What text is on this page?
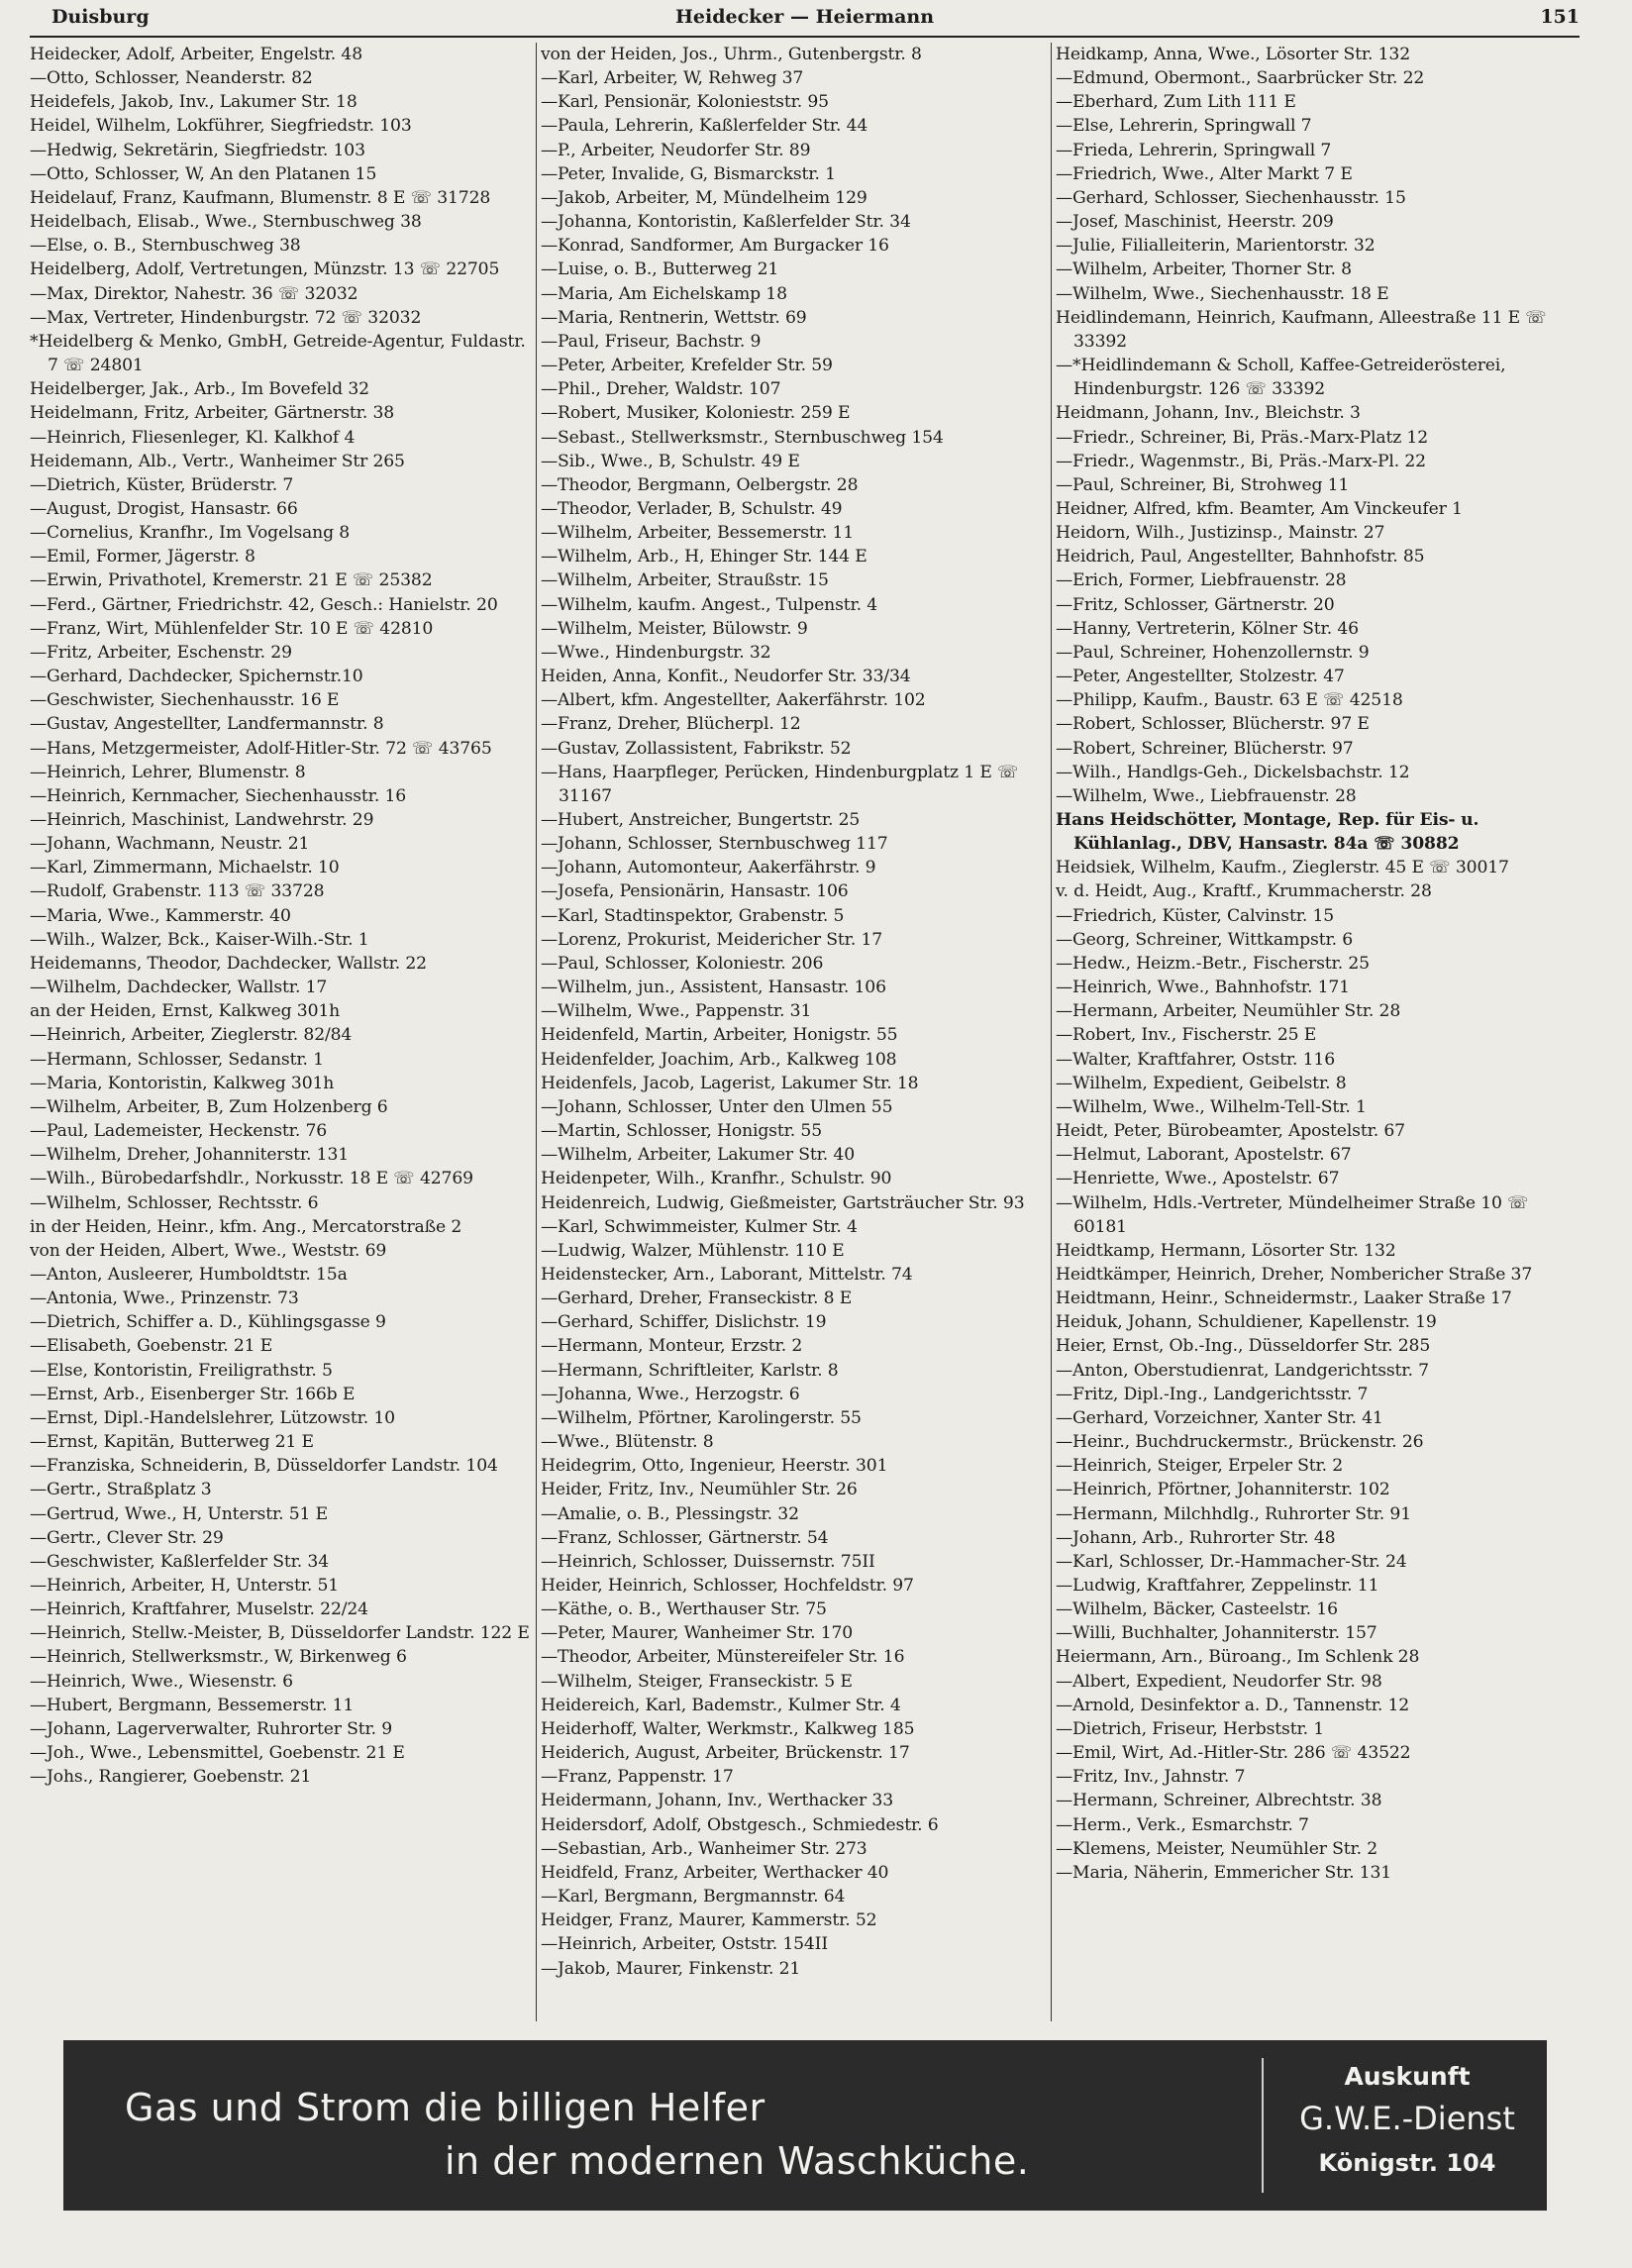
Duisburg	Heidecker — Heiermann	151

Heidecker, Adolf, Arbeiter, Engelstr. 48

—Otto, Schlosser, Neanderstr. 82

Heidefels, Jakob, Inv., Lakumer Str. 18

Heidel, Wilhelm, Lokführer, Siegfriedstr. 103

—Hedwig, Sekretärin, Siegfriedstr. 103

—Otto, Schlosser, W, An den Platanen 15

Heidelauf, Franz, Kaufmann, Blumenstr. 8 E ☏ 31728

Heidelbach, Elisab., Wwe., Sternbuschweg 38

—Else, o. B., Sternbuschweg 38

Heidelberg, Adolf, Vertretungen, Münzstr. 13 ☏ 22705

—Max, Direktor, Nahestr. 36 ☏ 32032

—Max, Vertreter, Hindenburgstr. 72 ☏ 32032

*Heidelberg & Menko, GmbH, Getreide-Agentur, Fuldastr. 7 ☏ 24801

Heidelberger, Jak., Arb., Im Bovefeld 32

Heidelmann, Fritz, Arbeiter, Gärtnerstr. 38

—Heinrich, Fliesenleger, Kl. Kalkhof 4

Heidemann, Alb., Vertr., Wanheimer Str 265

—Dietrich, Küster, Brüderstr. 7

—August, Drogist, Hansastr. 66

—Cornelius, Kranfhr., Im Vogelsang 8

—Emil, Former, Jägerstr. 8

—Erwin, Privathotel, Kremerstr. 21 E ☏ 25382

—Ferd., Gärtner, Friedrichstr. 42, Gesch.: Hanielstr. 20

—Franz, Wirt, Mühlenfelder Str. 10 E ☏ 42810

—Fritz, Arbeiter, Eschenstr. 29

—Gerhard, Dachdecker, Spichernstr.10

—Geschwister, Siechenhausstr. 16 E

—Gustav, Angestellter, Landfermannstr. 8

—Hans, Metzgermeister, Adolf-Hitler-Str. 72 ☏ 43765

—Heinrich, Lehrer, Blumenstr. 8

—Heinrich, Kernmacher, Siechenhausstr. 16

—Heinrich, Maschinist, Landwehrstr. 29

—Johann, Wachmann, Neustr. 21

—Karl, Zimmermann, Michaelstr. 10

—Rudolf, Grabenstr. 113 ☏ 33728

—Maria, Wwe., Kammerstr. 40

—Wilh., Walzer, Bck., Kaiser-Wilh.-Str. 1

Heidemanns, Theodor, Dachdecker, Wallstr. 22

—Wilhelm, Dachdecker, Wallstr. 17

an der Heiden, Ernst, Kalkweg 301h

—Heinrich, Arbeiter, Zieglerstr. 82/84

—Hermann, Schlosser, Sedanstr. 1

—Maria, Kontoristin, Kalkweg 301h

—Wilhelm, Arbeiter, B, Zum Holzenberg 6

—Paul, Lademeister, Heckenstr. 76

—Wilhelm, Dreher, Johanniterstr. 131

—Wilh., Bürobedarfshdlr., Norkusstr. 18 E ☏ 42769

—Wilhelm, Schlosser, Rechtsstr. 6

in der Heiden, Heinr., kfm. Ang., Mercatorstraße 2

von der Heiden, Albert, Wwe., Weststr. 69

—Anton, Ausleerer, Humboldtstr. 15a

—Antonia, Wwe., Prinzenstr. 73

—Dietrich, Schiffer a. D., Kühlingsgasse 9

—Elisabeth, Goebenstr. 21 E

—Else, Kontoristin, Freiligrathstr. 5

—Ernst, Arb., Eisenberger Str. 166b E

—Ernst, Dipl.-Handelslehrer, Lützowstr. 10

—Ernst, Kapitän, Butterweg 21 E

—Franziska, Schneiderin, B, Düsseldorfer Landstr. 104

—Gertr., Straßplatz 3

—Gertrud, Wwe., H, Unterstr. 51 E

—Gertr., Clever Str. 29

—Geschwister, Kaßlerfelder Str. 34

—Heinrich, Arbeiter, H, Unterstr. 51

—Heinrich, Kraftfahrer, Muselstr. 22/24

—Heinrich, Stellw.-Meister, B, Düsseldorfer Landstr. 122 E

—Heinrich, Stellwerksmstr., W, Birkenweg 6

—Heinrich, Wwe., Wiesenstr. 6

—Hubert, Bergmann, Bessemerstr. 11

—Johann, Lagerverwalter, Ruhrorter Str. 9

—Joh., Wwe., Lebensmittel, Goebenstr. 21 E

—Johs., Rangierer, Goebenstr. 21

von der Heiden, Jos., Uhrm., Gutenbergstr. 8

—Karl, Arbeiter, W, Rehweg 37

—Karl, Pensionär, Kolonieststr. 95

—Paula, Lehrerin, Kaßlerfelder Str. 44

—P., Arbeiter, Neudorfer Str. 89

—Peter, Invalide, G, Bismarckstr. 1

—Jakob, Arbeiter, M, Mündelheim 129

—Johanna, Kontoristin, Kaßlerfelder Str. 34

—Konrad, Sandformer, Am Burgacker 16

—Luise, o. B., Butterweg 21

—Maria, Am Eichelskamp 18

—Maria, Rentnerin, Wettstr. 69

—Paul, Friseur, Bachstr. 9

—Peter, Arbeiter, Krefelder Str. 59

—Phil., Dreher, Waldstr. 107

—Robert, Musiker, Koloniestr. 259 E

—Sebast., Stellwerksmstr., Sternbuschweg 154

—Sib., Wwe., B, Schulstr. 49 E

—Theodor, Bergmann, Oelbergstr. 28

—Theodor, Verlader, B, Schulstr. 49

—Wilhelm, Arbeiter, Bessemerstr. 11

—Wilhelm, Arb., H, Ehinger Str. 144 E

—Wilhelm, Arbeiter, Straußstr. 15

—Wilhelm, kaufm. Angest., Tulpenstr. 4

—Wilhelm, Meister, Bülowstr. 9

—Wwe., Hindenburgstr. 32

Heiden, Anna, Konfit., Neudorfer Str. 33/34

—Albert, kfm. Angestellter, Aakerfährstr. 102

—Franz, Dreher, Blücherpl. 12

—Gustav, Zollassistent, Fabrikstr. 52

—Hans, Haarpfleger, Perücken, Hindenburgplatz 1 E ☏ 31167

—Hubert, Anstreicher, Bungertstr. 25

—Johann, Schlosser, Sternbuschweg 117

—Johann, Automonteur, Aakerfährstr. 9

—Josefa, Pensionärin, Hansastr. 106

—Karl, Stadtinspektor, Grabenstr. 5

—Lorenz, Prokurist, Meidericher Str. 17

—Paul, Schlosser, Koloniestr. 206

—Wilhelm, jun., Assistent, Hansastr. 106

—Wilhelm, Wwe., Pappenstr. 31

Heidenfeld, Martin, Arbeiter, Honigstr. 55

Heidenfelder, Joachim, Arb., Kalkweg 108

Heidenfels, Jacob, Lagerist, Lakumer Str. 18

—Johann, Schlosser, Unter den Ulmen 55

—Martin, Schlosser, Honigstr. 55

—Wilhelm, Arbeiter, Lakumer Str. 40

Heidenpeter, Wilh., Kranfhr., Schulstr. 90

Heidenreich, Ludwig, Gießmeister, Gartsträucher Str. 93

—Karl, Schwimmeister, Kulmer Str. 4

—Ludwig, Walzer, Mühlenstr. 110 E

Heidenstecker, Arn., Laborant, Mittelstr. 74

—Gerhard, Dreher, Franseckistr. 8 E

—Gerhard, Schiffer, Dislichstr. 19

—Hermann, Monteur, Erzstr. 2

—Hermann, Schriftleiter, Karlstr. 8

—Johanna, Wwe., Herzogstr. 6

—Wilhelm, Pförtner, Karolingerstr. 55

—Wwe., Blütenstr. 8

Heidegrim, Otto, Ingenieur, Heerstr. 301

Heider, Fritz, Inv., Neumühler Str. 26

—Amalie, o. B., Plessingstr. 32

—Franz, Schlosser, Gärtnerstr. 54

—Heinrich, Schlosser, Duissernstr. 75II

Heider, Heinrich, Schlosser, Hochfeldstr. 97

—Käthe, o. B., Werthauser Str. 75

—Peter, Maurer, Wanheimer Str. 170

—Theodor, Arbeiter, Münstereifeler Str. 16

—Wilhelm, Steiger, Franseckistr. 5 E

Heidereich, Karl, Bademstr., Kulmer Str. 4

Heiderhoff, Walter, Werkmstr., Kalkweg 185

Heiderich, August, Arbeiter, Brückenstr. 17

—Franz, Pappenstr. 17

Heidermann, Johann, Inv., Werthacker 33

Heidersdorf, Adolf, Obstgesch., Schmiedestr. 6

—Sebastian, Arb., Wanheimer Str. 273

Heidfeld, Franz, Arbeiter, Werthacker 40

—Karl, Bergmann, Bergmannstr. 64

Heidger, Franz, Maurer, Kammerstr. 52

—Heinrich, Arbeiter, Oststr. 154II

—Jakob, Maurer, Finkenstr. 21

Heidkamp, Anna, Wwe., Lösorter Str. 132

—Edmund, Obermont., Saarbrücker Str. 22

—Eberhard, Zum Lith 111 E

—Else, Lehrerin, Springwall 7

—Frieda, Lehrerin, Springwall 7

—Friedrich, Wwe., Alter Markt 7 E

—Gerhard, Schlosser, Siechenhausstr. 15

—Josef, Maschinist, Heerstr. 209

—Julie, Filialleiterin, Marientorstr. 32

—Wilhelm, Arbeiter, Thorner Str. 8

—Wilhelm, Wwe., Siechenhausstr. 18 E

Heidlindemann, Heinrich, Kaufmann, Alleestraße 11 E ☏ 33392

—*Heidlindemann & Scholl, Kaffee-Getreiderösterei, Hindenburgstr. 126 ☏ 33392

Heidmann, Johann, Inv., Bleichstr. 3

—Friedr., Schreiner, Bi, Präs.-Marx-Platz 12

—Friedr., Wagenmstr., Bi, Präs.-Marx-Pl. 22

—Paul, Schreiner, Bi, Strohweg 11

Heidner, Alfred, kfm. Beamter, Am Vinckeufer 1

Heidorn, Wilh., Justizinsp., Mainstr. 27

Heidrich, Paul, Angestellter, Bahnhofstr. 85

—Erich, Former, Liebfrauenstr. 28

—Fritz, Schlosser, Gärtnerstr. 20

—Hanny, Vertreterin, Kölner Str. 46

—Paul, Schreiner, Hohenzollernstr. 9

—Peter, Angestellter, Stolzestr. 47

—Philipp, Kaufm., Baustr. 63 E ☏ 42518

—Robert, Schlosser, Blücherstr. 97 E

—Robert, Schreiner, Blücherstr. 97

—Wilh., Handlgs-Geh., Dickelsbachstr. 12

—Wilhelm, Wwe., Liebfrauenstr. 28

Hans Heidschötter, Montage, Rep. für Eis- u. Kühlanlag., DBV, Hansastr. 84a ☏ 30882

Heidsiek, Wilhelm, Kaufm., Zieglerstr. 45 E ☏ 30017

v. d. Heidt, Aug., Kraftf., Krummacherstr. 28

—Friedrich, Küster, Calvinstr. 15

—Georg, Schreiner, Wittkampstr. 6

—Hedw., Heizm.-Betr., Fischerstr. 25

—Heinrich, Wwe., Bahnhofstr. 171

—Hermann, Arbeiter, Neumühler Str. 28

—Robert, Inv., Fischerstr. 25 E

—Walter, Kraftfahrer, Oststr. 116

—Wilhelm, Expedient, Geibelstr. 8

—Wilhelm, Wwe., Wilhelm-Tell-Str. 1

Heidt, Peter, Bürobeamter, Apostelstr. 67

—Helmut, Laborant, Apostelstr. 67

—Henriette, Wwe., Apostelstr. 67

—Wilhelm, Hdls.-Vertreter, Mündelheimer Straße 10 ☏ 60181

Heidtkamp, Hermann, Lösorter Str. 132

Heidtkämper, Heinrich, Dreher, Nombericher Straße 37

Heidtmann, Heinr., Schneidermstr., Laaker Straße 17

Heiduk, Johann, Schuldiener, Kapellenstr. 19

Heier, Ernst, Ob.-Ing., Düsseldorfer Str. 285

—Anton, Oberstudienrat, Landgerichtsstr. 7

—Fritz, Dipl.-Ing., Landgerichtsstr. 7

—Gerhard, Vorzeichner, Xanter Str. 41

—Heinr., Buchdruckermstr., Brückenstr. 26

—Heinrich, Steiger, Erpeler Str. 2

—Heinrich, Pförtner, Johanniterstr. 102

—Hermann, Milchhdlg., Ruhrorter Str. 91

—Johann, Arb., Ruhrorter Str. 48

—Karl, Schlosser, Dr.-Hammacher-Str. 24

—Ludwig, Kraftfahrer, Zeppelinstr. 11

—Wilhelm, Bäcker, Casteelstr. 16

—Willi, Buchhalter, Johanniterstr. 157

Heiermann, Arn., Büroang., Im Schlenk 28

—Albert, Expedient, Neudorfer Str. 98

—Arnold, Desinfektor a. D., Tannenstr. 12

—Dietrich, Friseur, Herbststr. 1

—Emil, Wirt, Ad.-Hitler-Str. 286 ☏ 43522

—Fritz, Inv., Jahnstr. 7

—Hermann, Schreiner, Albrechtstr. 38

—Herm., Verk., Esmarchstr. 7

—Klemens, Meister, Neumühler Str. 2

—Maria, Näherin, Emmericher Str. 131

Gas und Strom die billigen Helfer
in der modernen Waschküche.
Auskunft
G.W.E.-Dienst
Königstr. 104
